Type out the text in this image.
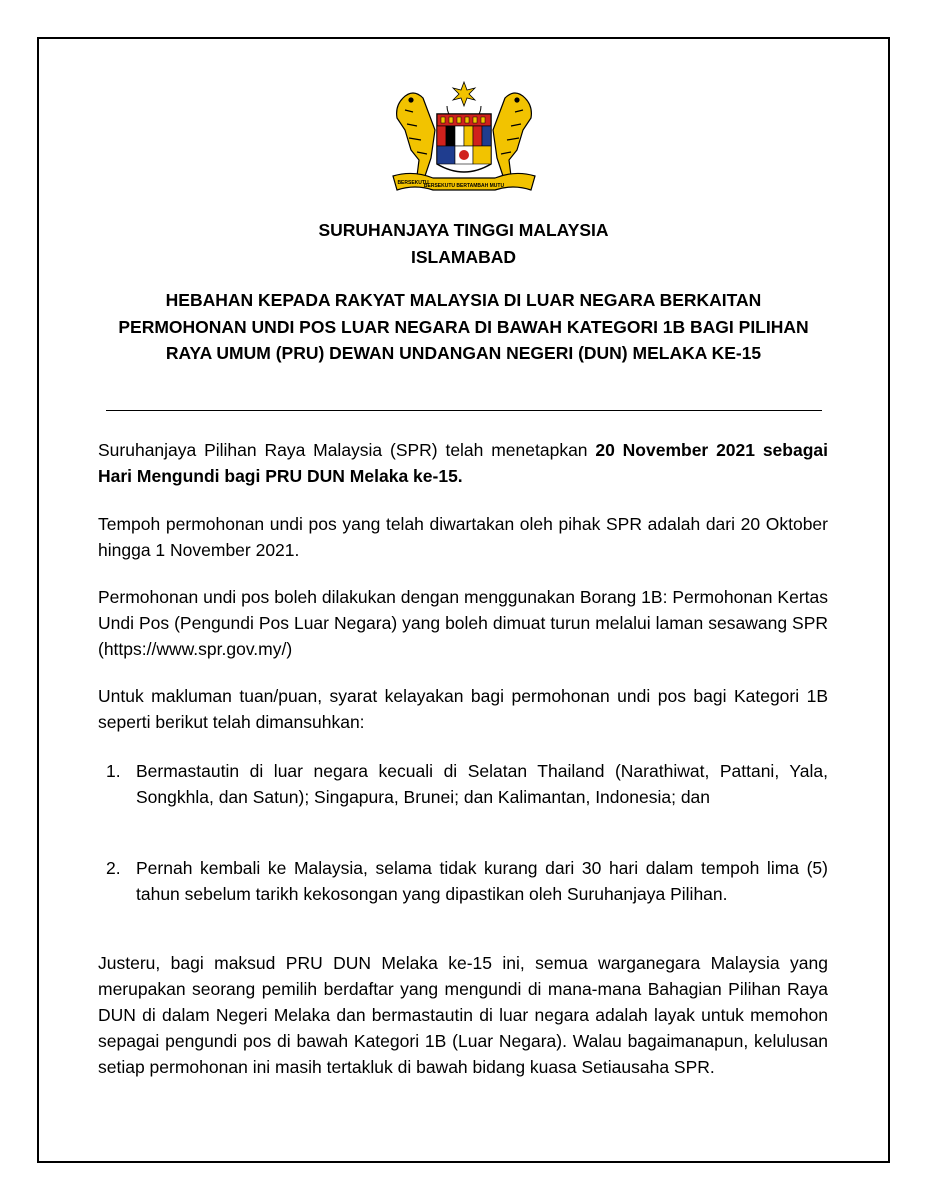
BERSEKUTU
BERSEKUTU BERTAMBAH MUTU
SURUHANJAYA TINGGI MALAYSIA
ISLAMABAD
HEBAHAN KEPADA RAKYAT MALAYSIA DI LUAR NEGARA BERKAITAN PERMOHONAN UNDI POS LUAR NEGARA DI BAWAH KATEGORI 1B BAGI PILIHAN RAYA UMUM (PRU) DEWAN UNDANGAN NEGERI (DUN) MELAKA KE-15
Suruhanjaya Pilihan Raya Malaysia (SPR) telah menetapkan 20 November 2021 sebagai Hari Mengundi bagi PRU DUN Melaka ke-15.
Tempoh permohonan undi pos yang telah diwartakan oleh pihak SPR adalah dari 20 Oktober hingga 1 November 2021.
Permohonan undi pos boleh dilakukan dengan menggunakan Borang 1B: Permohonan Kertas Undi Pos (Pengundi Pos Luar Negara) yang boleh dimuat turun melalui laman sesawang SPR (https://www.spr.gov.my/)
Untuk makluman tuan/puan, syarat kelayakan bagi permohonan undi pos bagi Kategori 1B seperti berikut telah dimansuhkan:
1. Bermastautin di luar negara kecuali di Selatan Thailand (Narathiwat, Pattani, Yala, Songkhla, dan Satun); Singapura, Brunei; dan Kalimantan, Indonesia; dan
2. Pernah kembali ke Malaysia, selama tidak kurang dari 30 hari dalam tempoh lima (5) tahun sebelum tarikh kekosongan yang dipastikan oleh Suruhanjaya Pilihan.
Justeru, bagi maksud PRU DUN Melaka ke-15 ini, semua warganegara Malaysia yang merupakan seorang pemilih berdaftar yang mengundi di mana-mana Bahagian Pilihan Raya DUN di dalam Negeri Melaka dan bermastautin di luar negara adalah layak untuk memohon sepagai pengundi pos di bawah Kategori 1B (Luar Negara). Walau bagaimanapun, kelulusan setiap permohonan ini masih tertakluk di bawah bidang kuasa Setiausaha SPR.
